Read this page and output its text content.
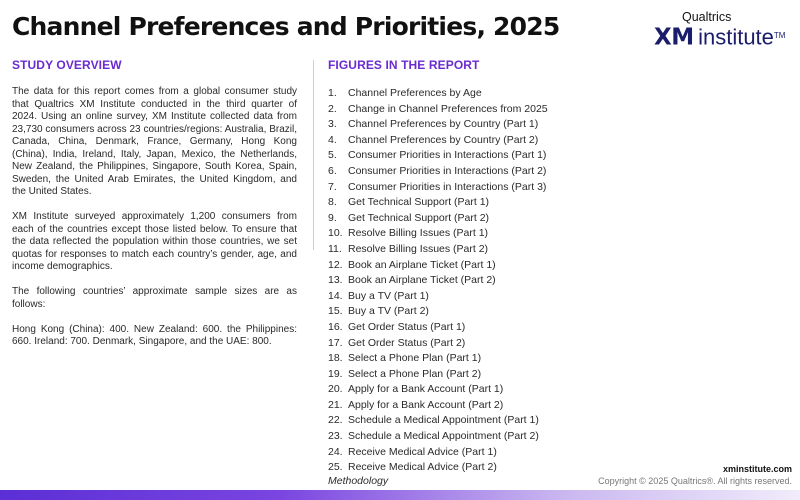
Channel Preferences and Priorities, 2025	Qualtrics
XM institute™
STUDY OVERVIEW

The data for this report comes from a global consumer study that Qualtrics XM Institute conducted in the third quarter of 2024. Using an online survey, XM Institute collected data from 23,730 consumers across 23 countries/regions: Australia, Brazil, Canada, China, Denmark, France, Germany, Hong Kong (China), India, Ireland, Italy, Japan, Mexico, the Netherlands, New Zealand, the Philippines, Singapore, South Korea, Spain, Sweden, the United Arab Emirates, the United Kingdom, and the United States.

XM Institute surveyed approximately 1,200 consumers from each of the countries except those listed below. To ensure that the data reflected the population within those countries, we set quotas for responses to match each country’s gender, age, and income demographics.

The following countries’ approximate sample sizes are as follows:

Hong Kong (China): 400. New Zealand: 600. the Philippines: 660. Ireland: 700. Denmark, Singapore, and the UAE: 800.

FIGURES IN THE REPORT
1. Channel Preferences by Age
2. Change in Channel Preferences from 2025
3. Channel Preferences by Country (Part 1)
4. Channel Preferences by Country (Part 2)
5. Consumer Priorities in Interactions (Part 1)
6. Consumer Priorities in Interactions (Part 2)
7. Consumer Priorities in Interactions (Part 3)
8. Get Technical Support (Part 1)
9. Get Technical Support (Part 2)
10. Resolve Billing Issues (Part 1)
11. Resolve Billing Issues (Part 2)
12. Book an Airplane Ticket (Part 1)
13. Book an Airplane Ticket (Part 2)
14. Buy a TV (Part 1)
15. Buy a TV (Part 2)
16. Get Order Status (Part 1)
17. Get Order Status (Part 2)
18. Select a Phone Plan (Part 1)
19. Select a Phone Plan (Part 2)
20. Apply for a Bank Account (Part 1)
21. Apply for a Bank Account (Part 2)
22. Schedule a Medical Appointment (Part 1)
23. Schedule a Medical Appointment (Part 2)
24. Receive Medical Advice (Part 1)
25. Receive Medical Advice (Part 2)
Methodology
xminstitute.com
Copyright © 2025 Qualtrics®. All rights reserved.
